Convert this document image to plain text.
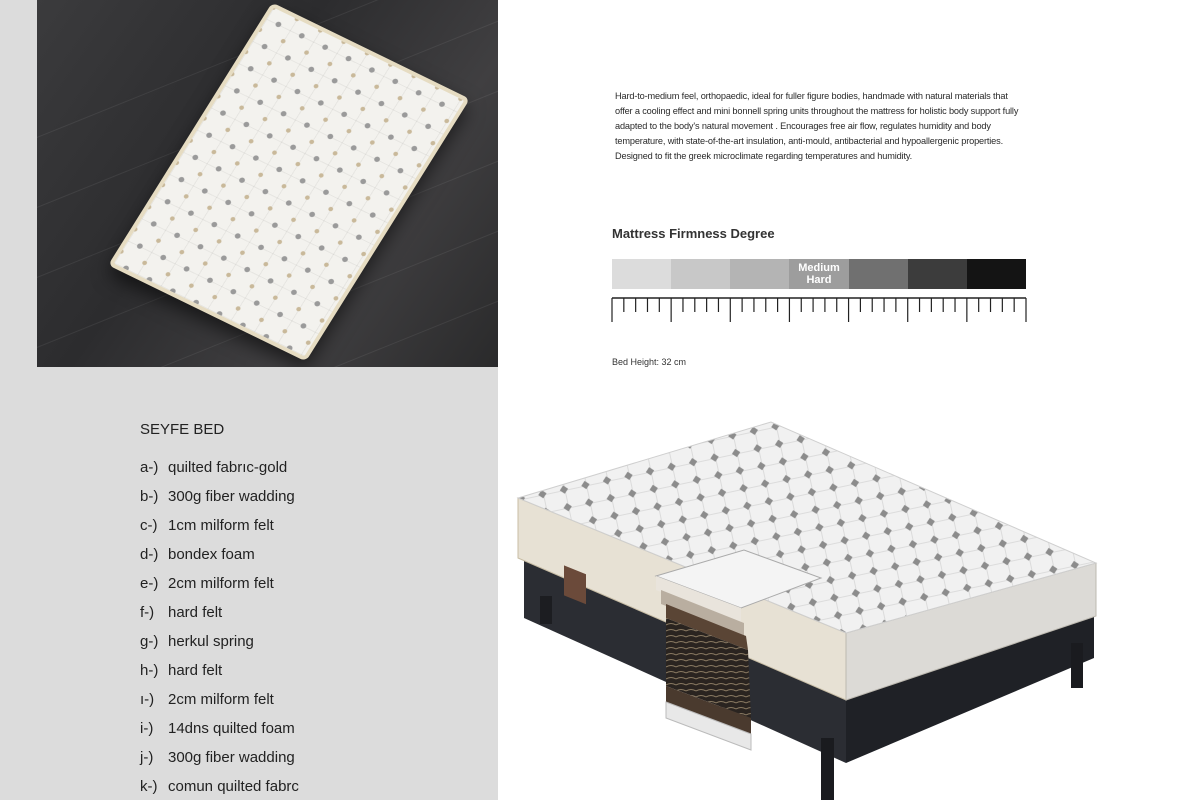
Hard-to-medium feel, orthopaedic, ideal for fuller figure bodies, handmade with natural materials that offer a cooling effect and mini bonnell spring units throughout the mattress for holistic body support fully adapted to the body's natural movement . Encourages free air flow, regulates humidity and body temperature, with state-of-the-art insulation, anti-mould, antibacterial and hypoallergenic properties. Designed to fit the greek microclimate regarding temperatures and humidity.

Mattress Firmness Degree

Medium
Hard

Bed Height: 32 cm

SEYFE BED

a-) quilted fabrıc-gold
b-) 300g fiber wadding
c-) 1cm milform felt
d-) bondex foam
e-) 2cm milform felt
f-) hard felt
g-) herkul spring
h-) hard felt
ı-) 2cm milform felt
i-) 14dns quilted foam
j-) 300g fiber wadding
k-) comun quilted fabrc
